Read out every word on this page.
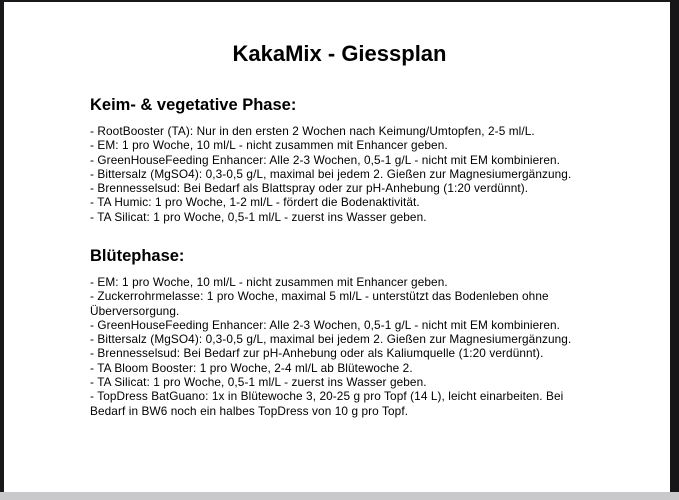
KakaMix - Giessplan
Keim- & vegetative Phase:

- RootBooster (TA): Nur in den ersten 2 Wochen nach Keimung/Umtopfen, 2-5 ml/L.

- EM: 1 pro Woche, 10 ml/L - nicht zusammen mit Enhancer geben.

- GreenHouseFeeding Enhancer: Alle 2-3 Wochen, 0,5-1 g/L - nicht mit EM kombinieren.

- Bittersalz (MgSO4): 0,3-0,5 g/L, maximal bei jedem 2. Gießen zur Magnesiumergänzung.

- Brennesselsud: Bei Bedarf als Blattspray oder zur pH-Anhebung (1:20 verdünnt).

- TA Humic: 1 pro Woche, 1-2 ml/L - fördert die Bodenaktivität.

- TA Silicat: 1 pro Woche, 0,5-1 ml/L - zuerst ins Wasser geben.

Blütephase:

- EM: 1 pro Woche, 10 ml/L - nicht zusammen mit Enhancer geben.

- Zuckerrohrmelasse: 1 pro Woche, maximal 5 ml/L - unterstützt das Bodenleben ohne Überversorgung.

- GreenHouseFeeding Enhancer: Alle 2-3 Wochen, 0,5-1 g/L - nicht mit EM kombinieren.

- Bittersalz (MgSO4): 0,3-0,5 g/L, maximal bei jedem 2. Gießen zur Magnesiumergänzung.

- Brennesselsud: Bei Bedarf zur pH-Anhebung oder als Kaliumquelle (1:20 verdünnt).

- TA Bloom Booster: 1 pro Woche, 2-4 ml/L ab Blütewoche 2.

- TA Silicat: 1 pro Woche, 0,5-1 ml/L - zuerst ins Wasser geben.

- TopDress BatGuano: 1x in Blütewoche 3, 20-25 g pro Topf (14 L), leicht einarbeiten. Bei Bedarf in BW6 noch ein halbes TopDress von 10 g pro Topf.
